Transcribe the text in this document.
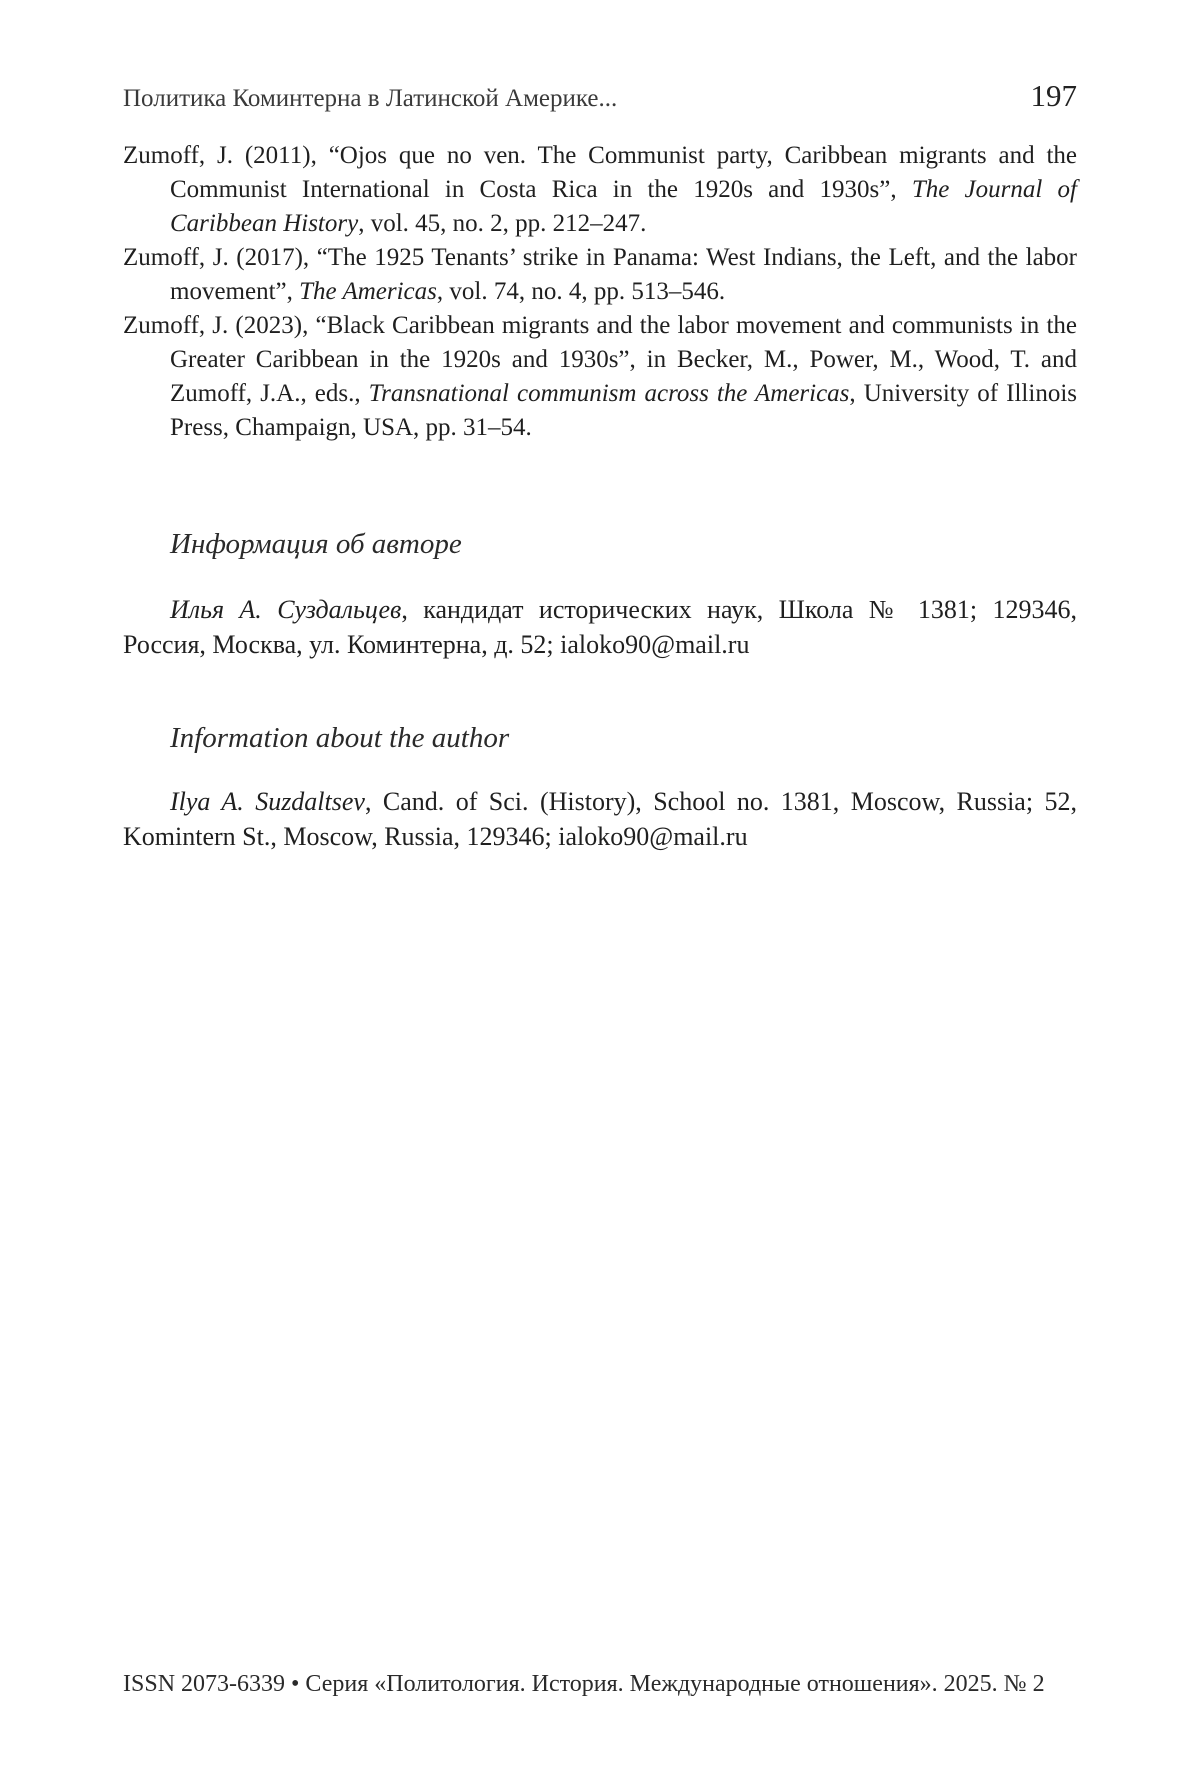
Политика Коминтерна в Латинской Америке...	197

Zumoff, J. (2011), “Ojos que no ven. The Communist party, Caribbean migrants and the Communist International in Costa Rica in the 1920s and 1930s”, The Journal of Caribbean History, vol. 45, no. 2, pp. 212–247.

Zumoff, J. (2017), “The 1925 Tenants’ strike in Panama: West Indians, the Left, and the labor movement”, The Americas, vol. 74, no. 4, pp. 513–546.

Zumoff, J. (2023), “Black Caribbean migrants and the labor movement and communists in the Greater Caribbean in the 1920s and 1930s”, in Becker, M., Power, M., Wood, T. and Zumoff, J.A., eds., Transnational communism across the Americas, University of Illinois Press, Champaign, USA, pp. 31–54.

Информация об авторе

Илья А. Суздальцев, кандидат исторических наук, Школа № 1381; 129346, Россия, Москва, ул. Коминтерна, д. 52; ialoko90@mail.ru

Information about the author

Ilya A. Suzdaltsev, Cand. of Sci. (History), School no. 1381, Moscow, Russia; 52, Komintern St., Moscow, Russia, 129346; ialoko90@mail.ru

ISSN 2073-6339 • Серия «Политология. История. Международные отношения». 2025. № 2
